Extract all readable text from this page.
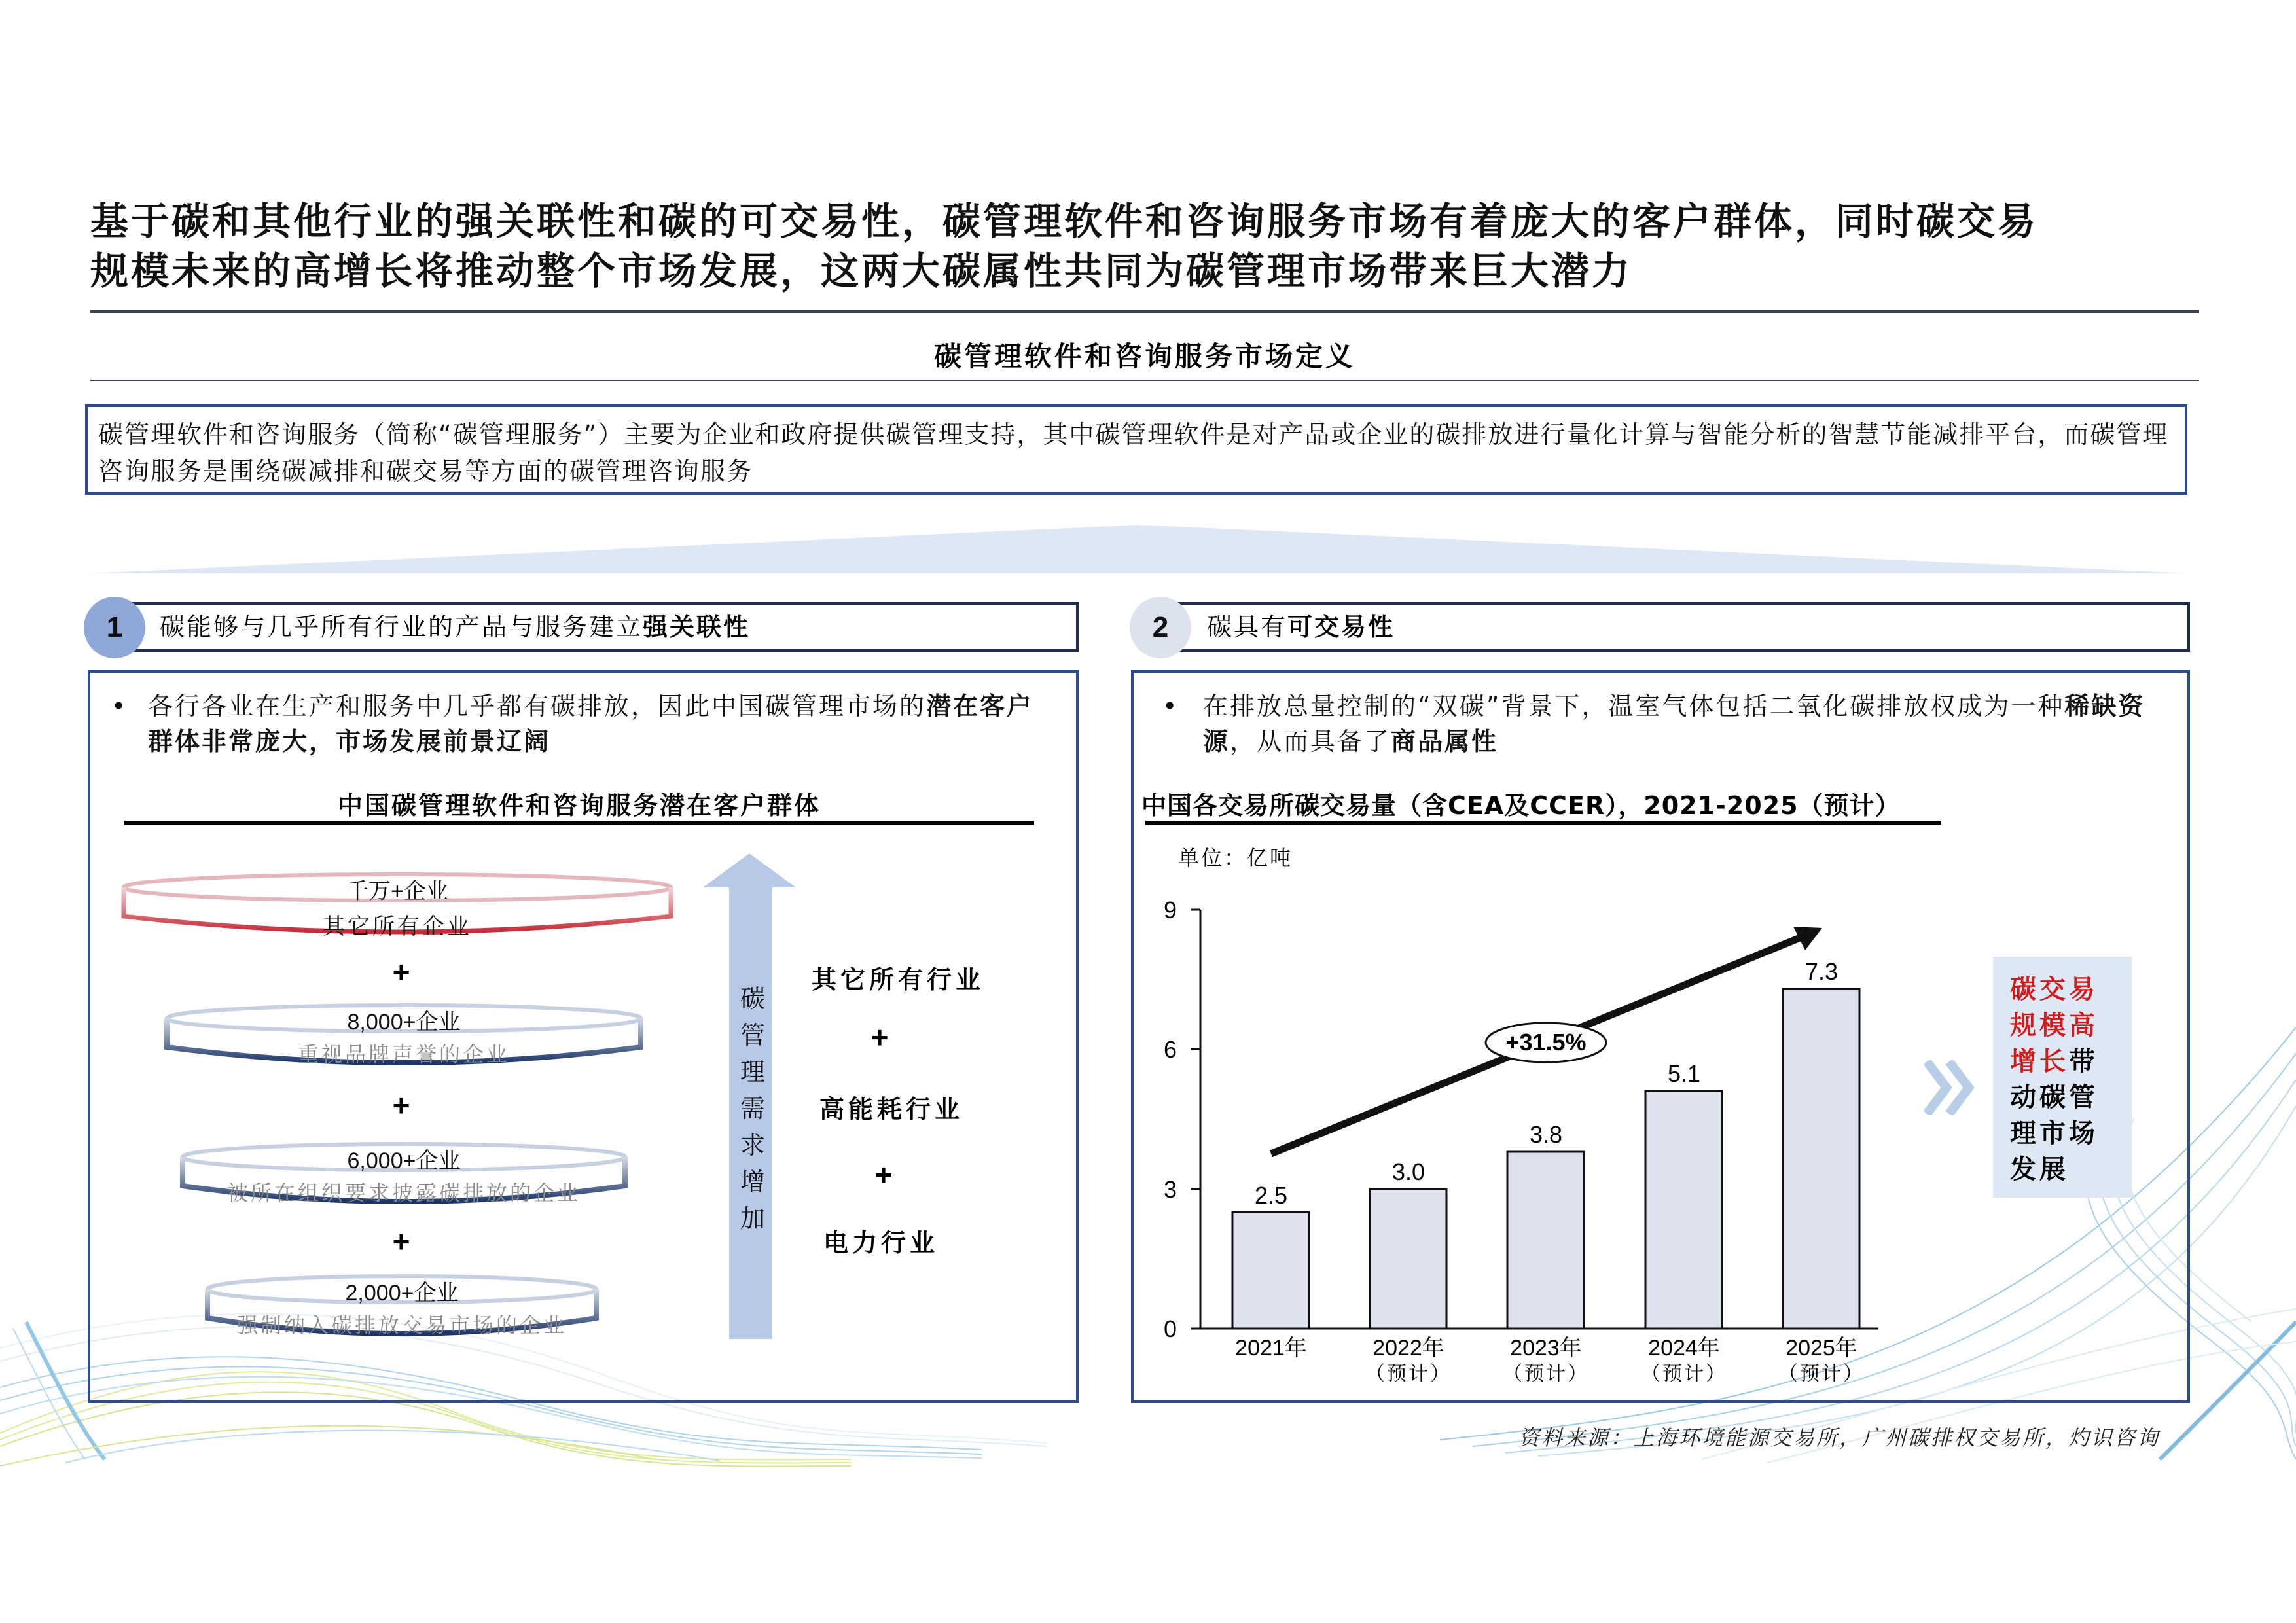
基于碳和其他行业的强关联性和碳的可交易性，碳管理软件和咨询服务市场有着庞大的客户群体，同时碳交易
规模未来的高增长将推动整个市场发展，这两大碳属性共同为碳管理市场带来巨大潜力
碳管理软件和咨询服务市场定义
碳管理软件和咨询服务（简称“碳管理服务”）主要为企业和政府提供碳管理支持，其中碳管理软件是对产品或企业的碳排放进行量化计算与智能分析的智慧节能减排平台，而碳管理咨询服务是围绕碳减排和碳交易等方面的碳管理咨询服务
碳能够与几乎所有行业的产品与服务建立强关联性
1
• 各行各业在生产和服务中几乎都有碳排放，因此中国碳管理市场的潜在客户群体非常庞大，市场发展前景辽阔
中国碳管理软件和咨询服务潜在客户群体
千万+企业
其它所有企业
+
8,000+企业
重视品牌声誉的企业
+
6,000+企业
被所在组织要求披露碳排放的企业
+
2,000+企业
强制纳入碳排放交易市场的企业
碳
管
理
需
求
增
加
其它所有行业
+
高能耗行业
+
电力行业
碳具有可交易性
2
• 在排放总量控制的“双碳”背景下，温室气体包括二氧化碳排放权成为一种稀缺资源，从而具备了商品属性
中国各交易所碳交易量（含CEA及CCER），2021-2025（预计）
单位：亿吨
9
6
3
0
2.5
3.0
3.8
5.1
7.3
+31.5%
2021年	2022年
（预计）
2023年
（预计）
2024年
（预计）
2025年
（预计）
碳交易
规模高
增长带
动碳管
理市场
发展
资料来源：上海环境能源交易所，广州碳排权交易所，灼识咨询
